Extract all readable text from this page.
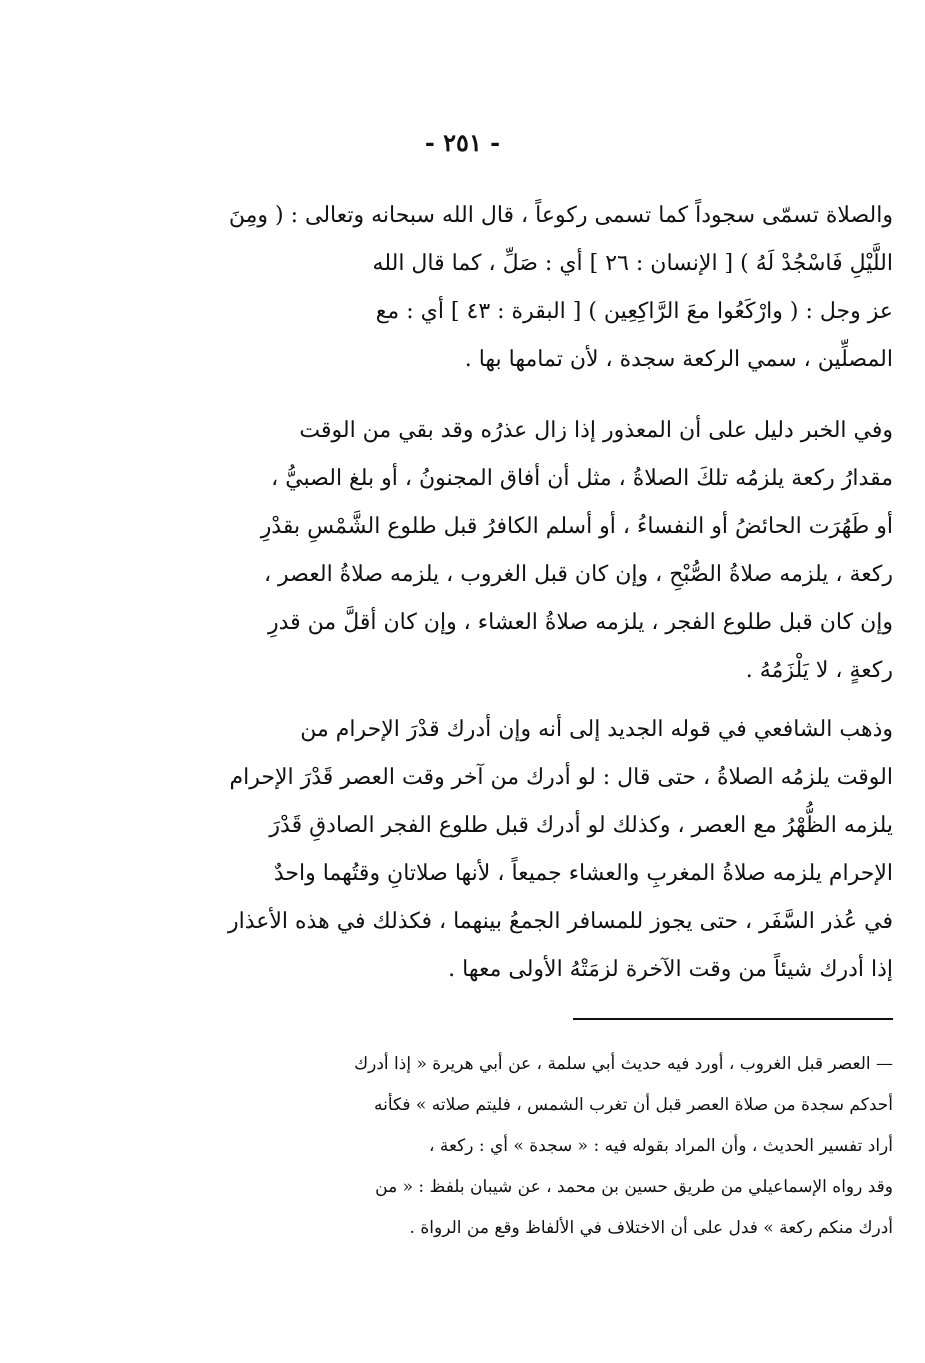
- ٢٥١ -
والصلاة تسمّى سجوداً كما تسمى ركوعاً ، قال الله سبحانه وتعالى : ( ومِنَ
اللَّيْلِ فَاسْجُدْ لَهُ ) [ الإنسان : ٢٦ ] أي : صَلِّ ، كما قال الله
عز وجل : ( وارْكَعُوا معَ الرَّاكِعِين ) [ البقرة : ٤٣ ] أي : مع
المصلِّين ، سمي الركعة سجدة ، لأن تمامها بها .
وفي الخبر دليل على أن المعذور إذا زال عذرُه وقد بقي من الوقت
مقدارُ ركعة يلزمُه تلكَ الصلاةُ ، مثل أن أفاق المجنونُ ، أو بلغ الصبيُّ ،
أو طَهُرَت الحائضُ أو النفساءُ ، أو أسلم الكافرُ قبل طلوع الشَّمْسِ بقدْرِ
ركعة ، يلزمه صلاةُ الصُّبْحِ ، وإن كان قبل الغروب ، يلزمه صلاةُ العصر ،
وإن كان قبل طلوع الفجر ، يلزمه صلاةُ العشاء ، وإن كان أقلَّ من قدرِ
ركعةٍ ، لا يَلْزَمُهُ .
وذهب الشافعي في قوله الجديد إلى أنه وإن أدرك قدْرَ الإحرام من
الوقت يلزمُه الصلاةُ ، حتى قال : لو أدرك من آخر وقت العصر قَدْرَ الإحرام
يلزمه الظُّهْرُ مع العصر ، وكذلك لو أدرك قبل طلوع الفجر الصادقِ قَدْرَ
الإحرام يلزمه صلاةُ المغربِ والعشاء جميعاً ، لأنها صلاتانِ وقتُهما واحدٌ
في عُذر السَّفَر ، حتى يجوز للمسافر الجمعُ بينهما ، فكذلك في هذه الأعذار
إذا أدرك شيئاً من وقت الآخرة لزمَتْهُ الأولى معها .
— العصر قبل الغروب ، أورد فيه حديث أبي سلمة ، عن أبي هريرة « إذا أدرك
أحدكم سجدة من صلاة العصر قبل أن تغرب الشمس ، فليتم صلاته » فكأنه
أراد تفسير الحديث ، وأن المراد بقوله فيه : « سجدة » أي : ركعة ،
وقد رواه الإسماعيلي من طريق حسين بن محمد ، عن شيبان بلفظ : « من
أدرك منكم ركعة » فدل على أن الاختلاف في الألفاظ وقع من الرواة .
